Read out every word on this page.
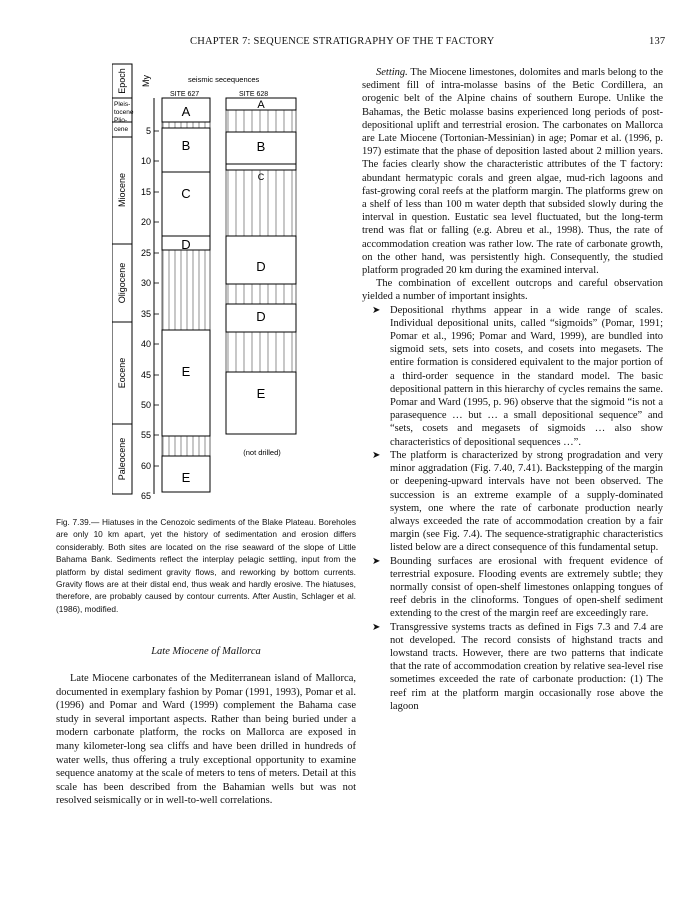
CHAPTER 7: SEQUENCE STRATIGRAPHY OF THE T FACTORY	137
Epoch My
Pleis-
tocene
Plio-
cene
Miocene
Oligocene
Eocene
Paleocene
5
10
15
20
25
30
35
40
45
50
55
60
65
seismic secequences
SITE 627	SITE 628
A
B
C
D
E
E
A
B
C
D
D
E
(not drilled)

Fig. 7.39.— Hiatuses in the Cenozoic sediments of the Blake Plateau. Boreholes are only 10 km apart, yet the history of sedimentation and erosion differs considerably. Both sites are located on the rise seaward of the slope of Little Bahama Bank. Sediments reflect the interplay pelagic settling, input from the platform by distal sediment gravity flows, and reworking by bottom currents. Gravity flows are at their distal end, thus weak and hardly erosive. The hiatuses, therefore, are probably caused by contour currents. After Austin, Schlager et al. (1986), modified.

Late Miocene of Mallorca

Late Miocene carbonates of the Mediterranean island of Mallorca, documented in exemplary fashion by Pomar (1991, 1993), Pomar et al. (1996) and Pomar and Ward (1999) complement the Bahama case study in several important aspects. Rather than being buried under a modern carbonate platform, the rocks on Mallorca are exposed in many kilometer-long sea cliffs and have been drilled in hundreds of water wells, thus offering a truly exceptional opportunity to examine sequence anatomy at the scale of meters to tens of meters. Detail at this scale has been described from the Bahamian wells but was not resolved seismically or in well-to-well correlations.

Setting. The Miocene limestones, dolomites and marls belong to the sediment fill of intra-molasse basins of the Betic Cordillera, an orogenic belt of the Alpine chains of southern Europe. Unlike the Bahamas, the Betic molasse basins experienced long periods of post-depositional uplift and terrestrial erosion. The carbonates on Mallorca are Late Miocene (Tortonian-Messinian) in age; Pomar et al. (1996, p. 197) estimate that the phase of deposition lasted about 2 million years. The facies clearly show the characteristic attributes of the T factory: abundant hermatypic corals and green algae, mud-rich lagoons and fast-growing coral reefs at the platform margin. The platforms grew on a shelf of less than 100 m water depth that subsided slowly during the interval in question. Eustatic sea level fluctuated, but the long-term trend was flat or falling (e.g. Abreu et al., 1998). Thus, the rate of accommodation creation was rather low. The rate of carbonate growth, on the other hand, was persistently high. Consequently, the studied platform prograded 20 km during the examined interval.

The combination of excellent outcrops and careful observation yielded a number of important insights.

➤ Depositional rhythms appear in a wide range of scales. Individual depositional units, called “sigmoids” (Pomar, 1991; Pomar et al., 1996; Pomar and Ward, 1999), are bundled into sigmoid sets, sets into cosets, and cosets into megasets. The entire formation is considered equivalent to the major portion of a third-order sequence in the standard model. The basic depositional pattern in this hierarchy of cycles remains the same. Pomar and Ward (1995, p. 96) observe that the sigmoid “is not a parasequence … but … a small depositional sequence” and “sets, cosets and megasets of sigmoids … also show characteristics of depositional sequences …”.
➤ The platform is characterized by strong progradation and very minor aggradation (Fig. 7.40, 7.41). Backstepping of the margin or deepening-upward intervals have not been observed. The succession is an extreme example of a supply-dominated system, one where the rate of carbonate production nearly always exceeded the rate of accommodation creation by a fair margin (see Fig. 7.4). The sequence-stratigraphic characteristics listed below are a direct consequence of this fundamental setup.
➤ Bounding surfaces are erosional with frequent evidence of terrestrial exposure. Flooding events are extremely subtle; they normally consist of open-shelf limestones onlapping tongues of reef debris in the clinoforms. Tongues of open-shelf sediment extending to the crest of the margin reef are exceedingly rare.
➤ Transgressive systems tracts as defined in Figs 7.3 and 7.4 are not developed. The record consists of highstand tracts and lowstand tracts. However, there are two patterns that indicate that the rate of accommodation creation by relative sea-level rise sometimes exceeded the rate of carbonate production: (1) The reef rim at the platform margin occasionally rose above the lagoon
